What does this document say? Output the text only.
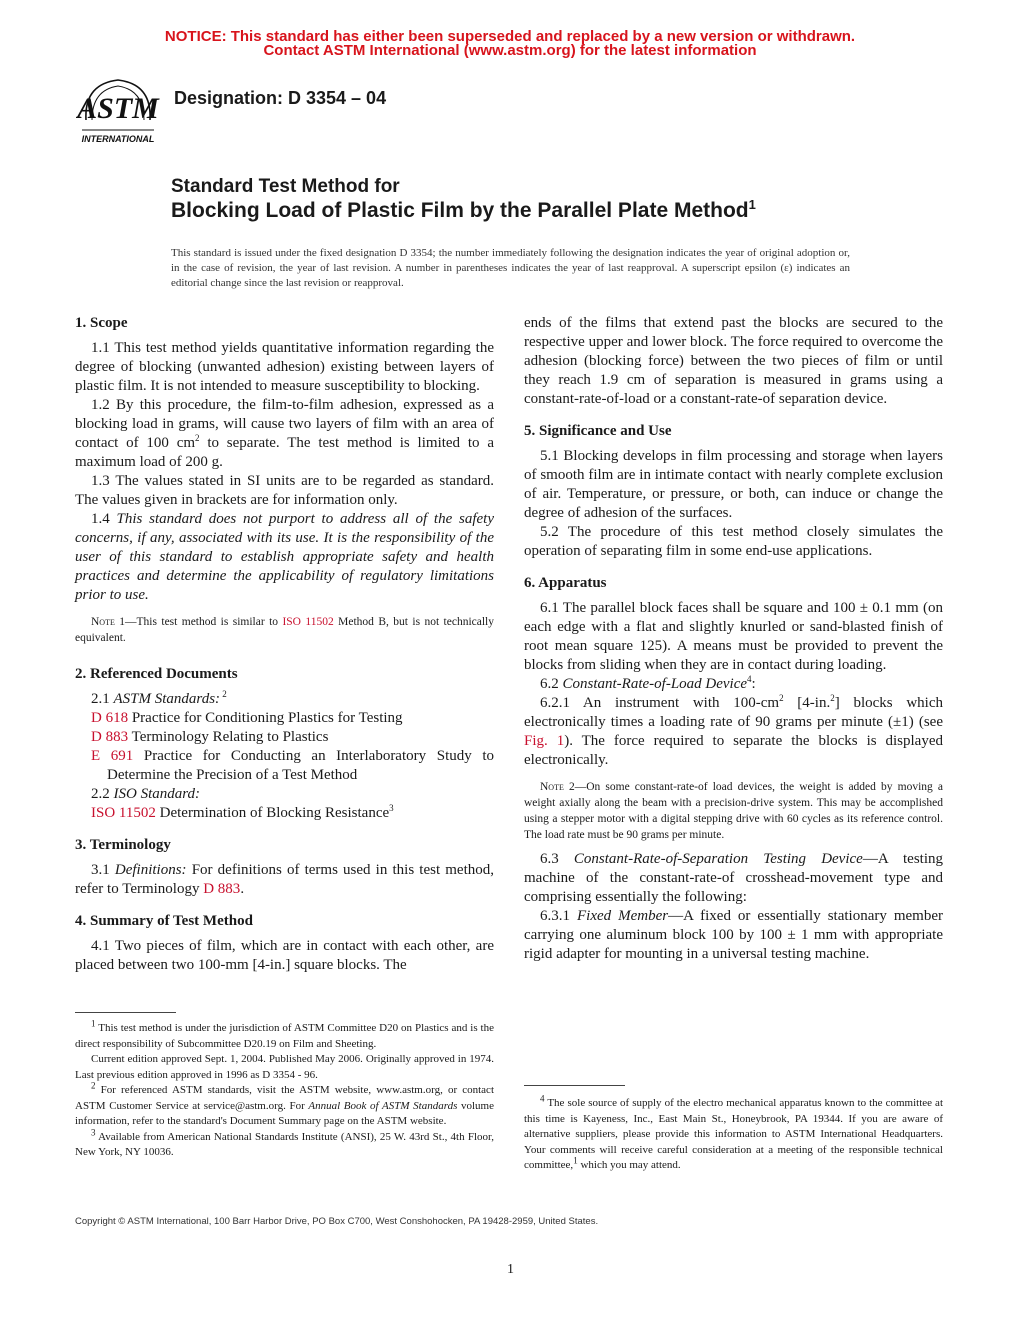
NOTICE: This standard has either been superseded and replaced by a new version or withdrawn.
Contact ASTM International (www.astm.org) for the latest information
ASTM
INTERNATIONAL
Designation: D 3354 – 04
Standard Test Method for
Blocking Load of Plastic Film by the Parallel Plate Method$^1$
This standard is issued under the fixed designation D 3354; the number immediately following the designation indicates the year of original adoption or, in the case of revision, the year of last revision. A number in parentheses indicates the year of last reapproval. A superscript epsilon (ε) indicates an editorial change since the last revision or reapproval.
1. Scope

1.1 This test method yields quantitative information regarding the degree of blocking (unwanted adhesion) existing between layers of plastic film. It is not intended to measure susceptibility to blocking.

1.2 By this procedure, the film-to-film adhesion, expressed as a blocking load in grams, will cause two layers of film with an area of contact of 100 $cm^2$ to separate. The test method is limited to a maximum load of 200 g.

1.3 The values stated in SI units are to be regarded as standard. The values given in brackets are for information only.

1.4 This standard does not purport to address all of the safety concerns, if any, associated with its use. It is the responsibility of the user of this standard to establish appropriate safety and health practices and determine the applicability of regulatory limitations prior to use.

Note 1—This test method is similar to ISO 11502 Method B, but is not technically equivalent.

2. Referenced Documents

2.1 ASTM Standards: $^2$

D 618 Practice for Conditioning Plastics for Testing

D 883 Terminology Relating to Plastics

E 691 Practice for Conducting an Interlaboratory Study to Determine the Precision of a Test Method

2.2 ISO Standard:

ISO 11502 Determination of Blocking Resistance$^3$

3. Terminology

3.1 Definitions: For definitions of terms used in this test method, refer to Terminology D 883.

4. Summary of Test Method

4.1 Two pieces of film, which are in contact with each other, are placed between two 100-mm [4-in.] square blocks. The

$^1$ This test method is under the jurisdiction of ASTM Committee D20 on Plastics and is the direct responsibility of Subcommittee D20.19 on Film and Sheeting.

Current edition approved Sept. 1, 2004. Published May 2006. Originally approved in 1974. Last previous edition approved in 1996 as D 3354 - 96.

$^2$ For referenced ASTM standards, visit the ASTM website, www.astm.org, or contact ASTM Customer Service at service@astm.org. For Annual Book of ASTM Standards volume information, refer to the standard's Document Summary page on the ASTM website.

$^3$ Available from American National Standards Institute (ANSI), 25 W. 43rd St., 4th Floor, New York, NY 10036.

ends of the films that extend past the blocks are secured to the respective upper and lower block. The force required to overcome the adhesion (blocking force) between the two pieces of film or until they reach 1.9 cm of separation is measured in grams using a constant-rate-of-load or a constant-rate-of separation device.

5. Significance and Use

5.1 Blocking develops in film processing and storage when layers of smooth film are in intimate contact with nearly complete exclusion of air. Temperature, or pressure, or both, can induce or change the degree of adhesion of the surfaces.

5.2 The procedure of this test method closely simulates the operation of separating film in some end-use applications.

6. Apparatus

6.1 The parallel block faces shall be square and 100 ± 0.1 mm (on each edge with a flat and slightly knurled or sand-blasted finish of root mean square 125). A means must be provided to prevent the blocks from sliding when they are in contact during loading.

6.2 Constant-Rate-of-Load Device$^4$:

6.2.1 An instrument with $100-cm^2$ [4-in.$^2$] blocks which electronically times a loading rate of 90 grams per minute (±1) (see Fig. 1). The force required to separate the blocks is displayed electronically.

Note 2—On some constant-rate-of load devices, the weight is added by moving a weight axially along the beam with a precision-drive system. This may be accomplished using a stepper motor with a digital stepping drive with 60 cycles as its reference control. The load rate must be 90 grams per minute.

6.3 Constant-Rate-of-Separation Testing Device—A testing machine of the constant-rate-of crosshead-movement type and comprising essentially the following:

6.3.1 Fixed Member—A fixed or essentially stationary member carrying one aluminum block 100 by 100 ± 1 mm with appropriate rigid adapter for mounting in a universal testing machine.

$^4$ The sole source of supply of the electro mechanical apparatus known to the committee at this time is Kayeness, Inc., East Main St., Honeybrook, PA 19344. If you are aware of alternative suppliers, please provide this information to ASTM International Headquarters. Your comments will receive careful consideration at a meeting of the responsible technical committee,$^1$ which you may attend.

Copyright © ASTM International, 100 Barr Harbor Drive, PO Box C700, West Conshohocken, PA 19428-2959, United States.
1
